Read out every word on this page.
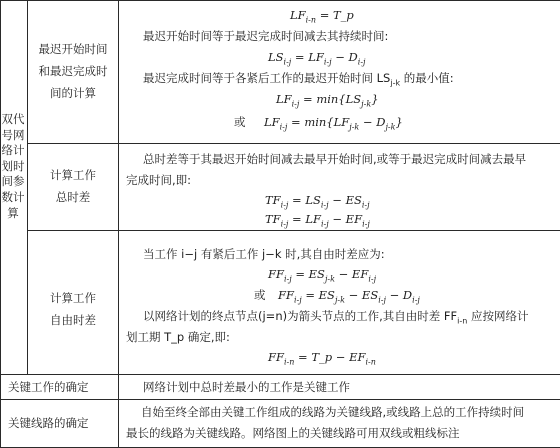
双代
号网
络计
划时
间参
数计
算
最迟开始时间
和最迟完成时
间的计算
$LF_{i-n}$ = T_p
最迟开始时间等于最迟完成时间减去其持续时间:
$LS_{i-j} = LF_{i-j} - D_{i-j}$
最迟完成时间等于各紧后工作的最迟开始时间 $LS_{j-k}$ 的最小值:
$LF_{i-j} = \min\{LS_{j-k}\}$
或 $LF_{i-j} = \min\{LF_{j-k} - D_{j-k}\}$
计算工作
总时差
总时差等于其最迟开始时间减去最早开始时间,或等于最迟完成时间减去最早
完成时间,即:
$TF_{i-j} = LS_{i-j} - ES_{i-j}$
$TF_{i-j} = LF_{i-j} - EF_{i-j}$
计算工作
自由时差
当工作 i−j 有紧后工作 j−k 时,其自由时差应为:
$FF_{i-j} = ES_{j-k} - EF_{i-j}$
或 $FF_{i-j} = ES_{j-k} - ES_{i-j} - D_{i-j}$
以网络计划的终点节点(j=n)为箭头节点的工作,其自由时差 $FF_{i-n}$ 应按网络计
划工期 T_p 确定,即:
$FF_{i-n}$ = T_p − $EF_{i-n}$
关键工作的确定	网络计划中总时差最小的工作是关键工作
关键线路的确定
自始至终全部由关键工作组成的线路为关键线路,或线路上总的工作持续时间
最长的线路为关键线路。网络图上的关键线路可用双线或粗线标注
